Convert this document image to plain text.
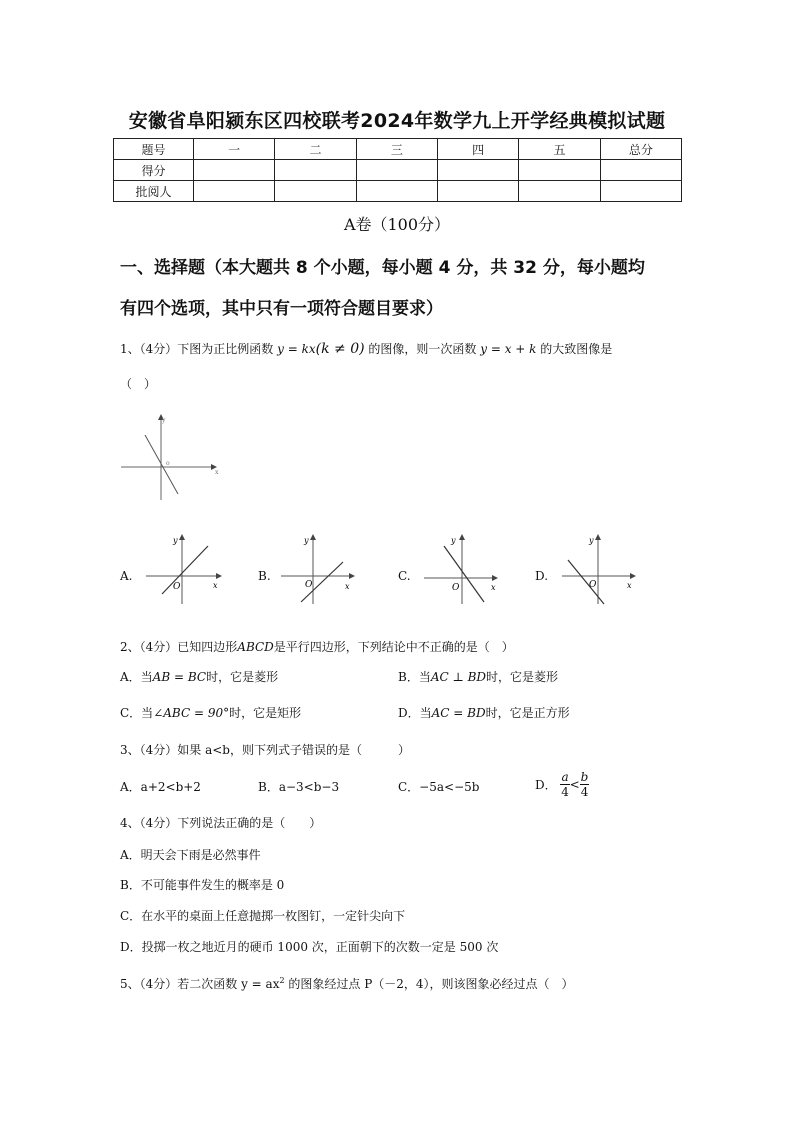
安徽省阜阳颍东区四校联考2024年数学九上开学经典模拟试题
题号	一	二	三	四	五	总分
得分						
批阅人						
A卷（100分）
一、选择题（本大题共 8 个小题，每小题 4 分，共 32 分，每小题均
有四个选项，其中只有一项符合题目要求）
1、（4分）下图为正比例函数 y = kx(k ≠ 0) 的图像，则一次函数 y = x + k 的大致图像是
（　）
y
o
x
A.
y
O	x
B.
y
O	x
C.
y
O	x
D.
y
O	x
2、（4分）已知四边形ABCD是平行四边形，下列结论中不正确的是（　）
A．当AB = BC时，它是菱形	B．当AC ⊥ BD时，它是菱形
C．当∠ABC = 90°时，它是矩形	D．当AC = BD时，它是正方形
3、（4分）如果 a<b，则下列式子错误的是（　　　）
A．a+2<b+2	B．a−3<b−3	C．−5a<−5b	D． $\frac{a}{4} < \frac{b}{4}$
4、（4分）下列说法正确的是（　　）
A．明天会下雨是必然事件
B．不可能事件发生的概率是 0
C．在水平的桌面上任意抛掷一枚图钉，一定针尖向下
D．投掷一枚之地近月的硬币 1000 次，正面朝下的次数一定是 500 次
5、（4分）若二次函数 $y = ax^2$ 的图象经过点 P（－2，4），则该图象必经过点（　）
